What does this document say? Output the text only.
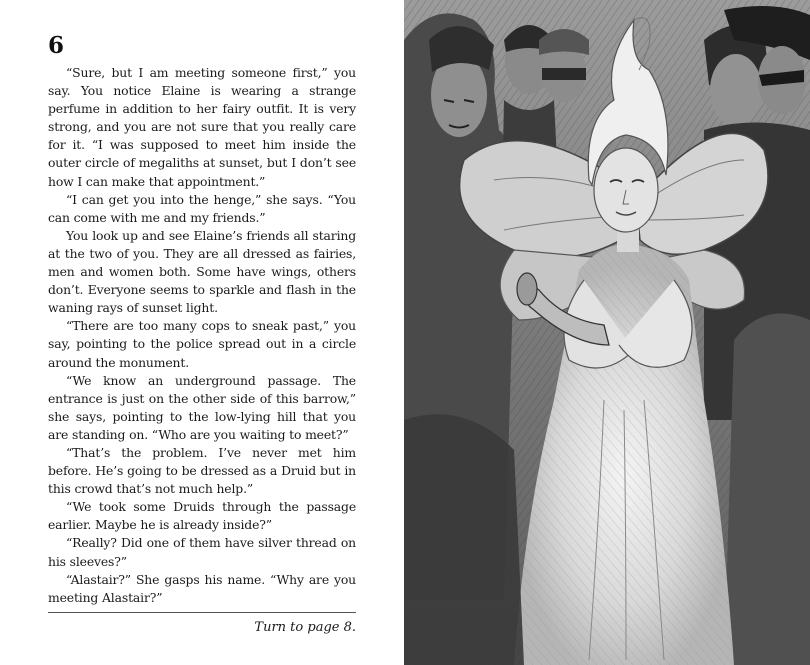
6

“Sure, but I am meeting someone first,” you say. You notice Elaine is wearing a strange perfume in addition to her fairy outfit. It is very strong, and you are not sure that you really care for it. “I was supposed to meet him inside the outer circle of megaliths at sunset, but I don’t see how I can make that appointment.”

“I can get you into the henge,” she says. “You can come with me and my friends.”

You look up and see Elaine’s friends all staring at the two of you. They are all dressed as fairies, men and women both. Some have wings, others don’t. Everyone seems to sparkle and flash in the waning rays of sunset light.

“There are too many cops to sneak past,” you say, pointing to the police spread out in a circle around the monument.

“We know an underground passage. The entrance is just on the other side of this barrow,” she says, pointing to the low-lying hill that you are standing on. “Who are you waiting to meet?”

“That’s the problem. I’ve never met him before. He’s going to be dressed as a Druid but in this crowd that’s not much help.”

“We took some Druids through the passage earlier. Maybe he is already inside?”

“Really? Did one of them have silver thread on his sleeves?”

“Alastair?” She gasps his name. “Why are you meeting Alastair?”

Turn to page 8.
